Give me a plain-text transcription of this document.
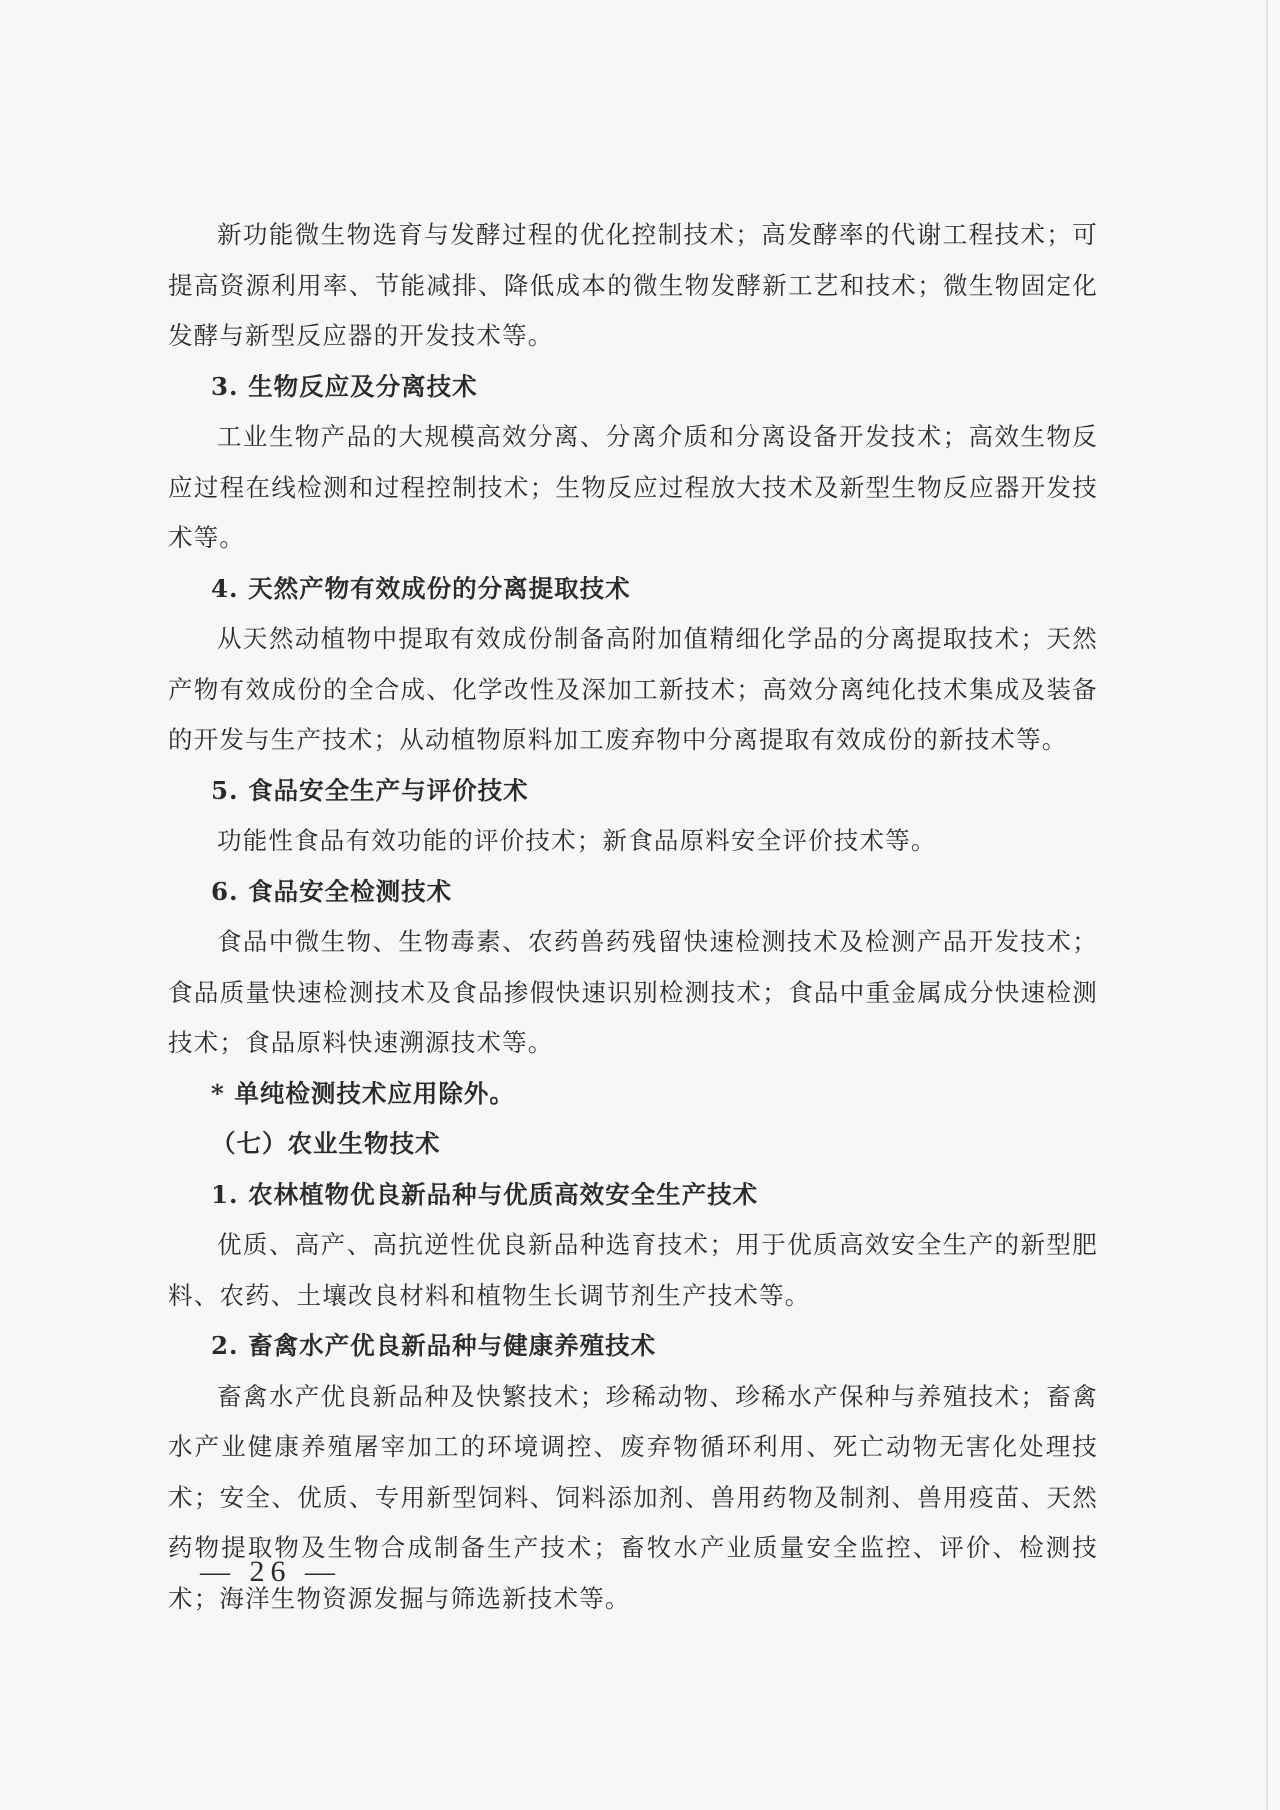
新功能微生物选育与发酵过程的优化控制技术；高发酵率的代谢工程技术；可提高资源利用率、节能减排、降低成本的微生物发酵新工艺和技术；微生物固定化发酵与新型反应器的开发技术等。

3. 生物反应及分离技术

工业生物产品的大规模高效分离、分离介质和分离设备开发技术；高效生物反应过程在线检测和过程控制技术；生物反应过程放大技术及新型生物反应器开发技术等。

4. 天然产物有效成份的分离提取技术

从天然动植物中提取有效成份制备高附加值精细化学品的分离提取技术；天然产物有效成份的全合成、化学改性及深加工新技术；高效分离纯化技术集成及装备的开发与生产技术；从动植物原料加工废弃物中分离提取有效成份的新技术等。

5. 食品安全生产与评价技术

功能性食品有效功能的评价技术；新食品原料安全评价技术等。

6. 食品安全检测技术

食品中微生物、生物毒素、农药兽药残留快速检测技术及检测产品开发技术；食品质量快速检测技术及食品掺假快速识别检测技术；食品中重金属成分快速检测技术；食品原料快速溯源技术等。

* 单纯检测技术应用除外。

（七）农业生物技术

1. 农林植物优良新品种与优质高效安全生产技术

优质、高产、高抗逆性优良新品种选育技术；用于优质高效安全生产的新型肥料、农药、土壤改良材料和植物生长调节剂生产技术等。

2. 畜禽水产优良新品种与健康养殖技术

畜禽水产优良新品种及快繁技术；珍稀动物、珍稀水产保种与养殖技术；畜禽水产业健康养殖屠宰加工的环境调控、废弃物循环利用、死亡动物无害化处理技术；安全、优质、专用新型饲料、饲料添加剂、兽用药物及制剂、兽用疫苗、天然药物提取物及生物合成制备生产技术；畜牧水产业质量安全监控、评价、检测技术；海洋生物资源发掘与筛选新技术等。

— 26 —
